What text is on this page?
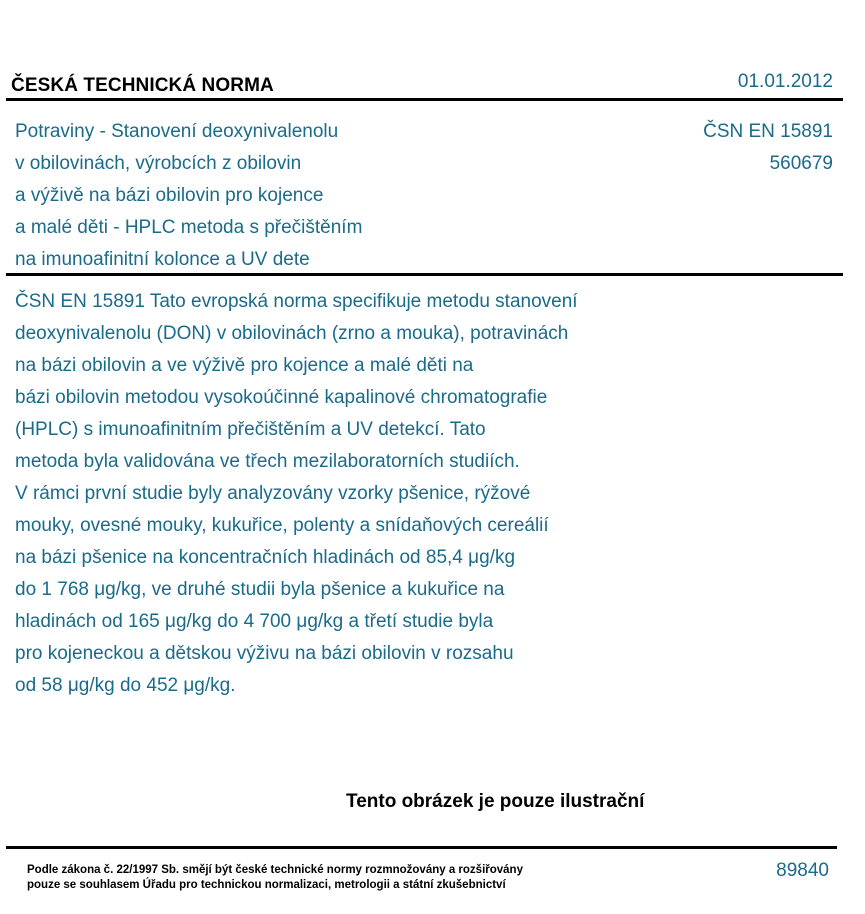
ČESKÁ TECHNICKÁ NORMA	01.01.2012
Potraviny - Stanovení deoxynivalenolu
v obilovinách, výrobcích z obilovin
a výživě na bázi obilovin pro kojence
a malé děti - HPLC metoda s přečištěním
na imunoafinitní koloncе a UV dete
ČSN EN 15891
560679
ČSN EN 15891 Tato evropská norma specifikuje metodu stanovení
deoxynivalenolu (DON) v obilovinách (zrno a mouka), potravinách
na bázi obilovin a ve výživě pro kojence a malé děti na
bázi obilovin metodou vysokoúčinné kapalinové chromatografie
(HPLC) s imunoafinitním přečištěním a UV detekcí. Tato
metoda byla validována ve třech mezilaboratorních studiích.
V rámci první studie byly analyzovány vzorky pšenice, rýžové
mouky, ovesné mouky, kukuřice, polenty a snídaňových cereálií
na bázi pšenice na koncentračních hladinách od 85,4 μg/kg
do 1 768 μg/kg, ve druhé studii byla pšenice a kukuřice na
hladinách od 165 μg/kg do 4 700 μg/kg a třetí studie byla
pro kojeneckou a dětskou výživu na bázi obilovin v rozsahu
od 58 μg/kg do 452 μg/kg.
Tento obrázek je pouze ilustrační
Podle zákona č. 22/1997 Sb. smějí být české technické normy rozmnožovány a rozšiřovány
pouze se souhlasem Úřadu pro technickou normalizaci, metrologii a státní zkušebnictví
89840
